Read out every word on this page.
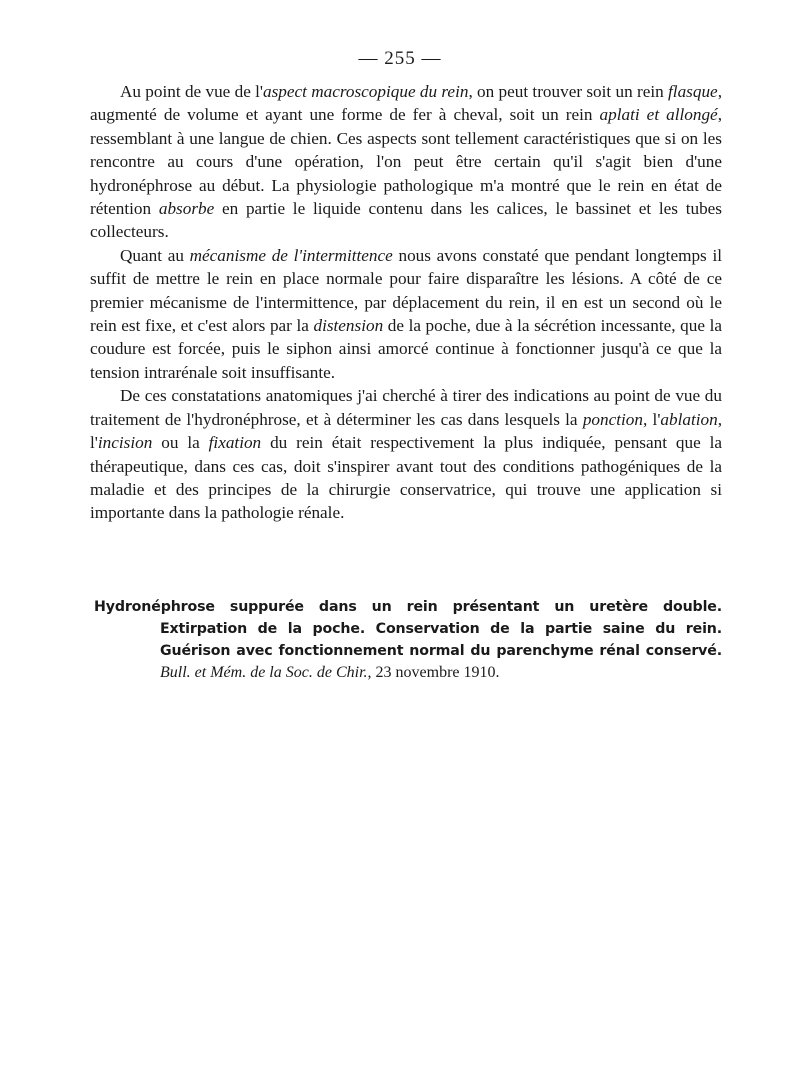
— 255 —

Au point de vue de l'aspect macroscopique du rein, on peut trouver soit un rein flasque, augmenté de volume et ayant une forme de fer à cheval, soit un rein aplati et allongé, ressemblant à une langue de chien. Ces aspects sont tellement caractéristiques que si on les rencontre au cours d'une opération, l'on peut être certain qu'il s'agit bien d'une hydronéphrose au début. La physiologie pathologique m'a montré que le rein en état de rétention absorbe en partie le liquide contenu dans les calices, le bassinet et les tubes collecteurs.

Quant au mécanisme de l'intermittence nous avons constaté que pendant longtemps il suffit de mettre le rein en place normale pour faire disparaître les lésions. A côté de ce premier mécanisme de l'intermittence, par déplacement du rein, il en est un second où le rein est fixe, et c'est alors par la distension de la poche, due à la sécrétion incessante, que la coudure est forcée, puis le siphon ainsi amorcé continue à fonctionner jusqu'à ce que la tension intrarénale soit insuffisante.

De ces constatations anatomiques j'ai cherché à tirer des indications au point de vue du traitement de l'hydronéphrose, et à déterminer les cas dans lesquels la ponction, l'ablation, l'incision ou la fixation du rein était respectivement la plus indiquée, pensant que la thérapeutique, dans ces cas, doit s'inspirer avant tout des conditions pathogéniques de la maladie et des principes de la chirurgie conservatrice, qui trouve une application si importante dans la pathologie rénale.

Hydronéphrose suppurée dans un rein présentant un uretère double. Extirpation de la poche. Conservation de la partie saine du rein. Guérison avec fonctionnement normal du parenchyme rénal conservé. Bull. et Mém. de la Soc. de Chir., 23 novembre 1910.
